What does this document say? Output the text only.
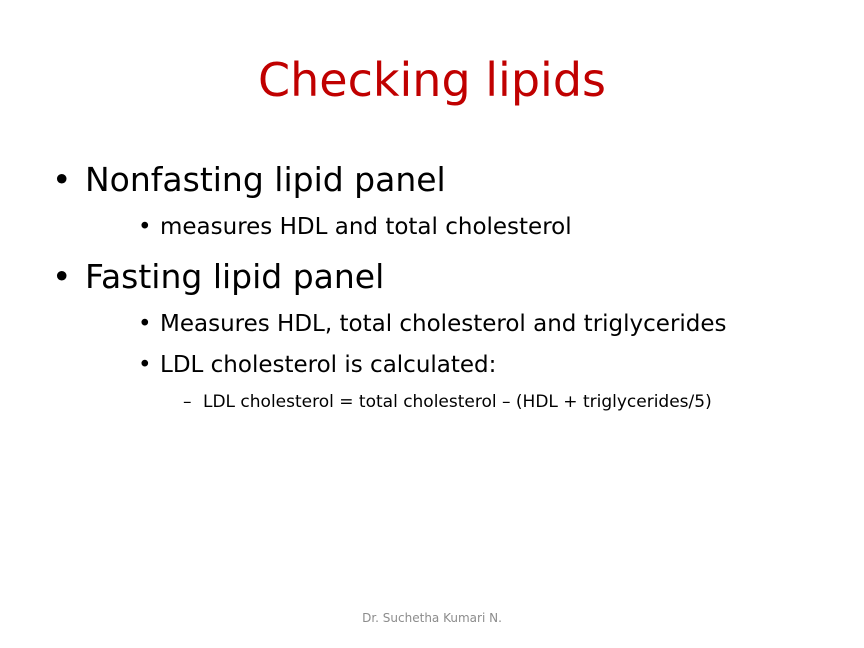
Checking lipids
• Nonfasting lipid panel
• measures HDL and total cholesterol
• Fasting lipid panel
• Measures HDL, total cholesterol and triglycerides
• LDL cholesterol is calculated:
– LDL cholesterol = total cholesterol – (HDL + triglycerides/5)
Dr. Suchetha Kumari N.
